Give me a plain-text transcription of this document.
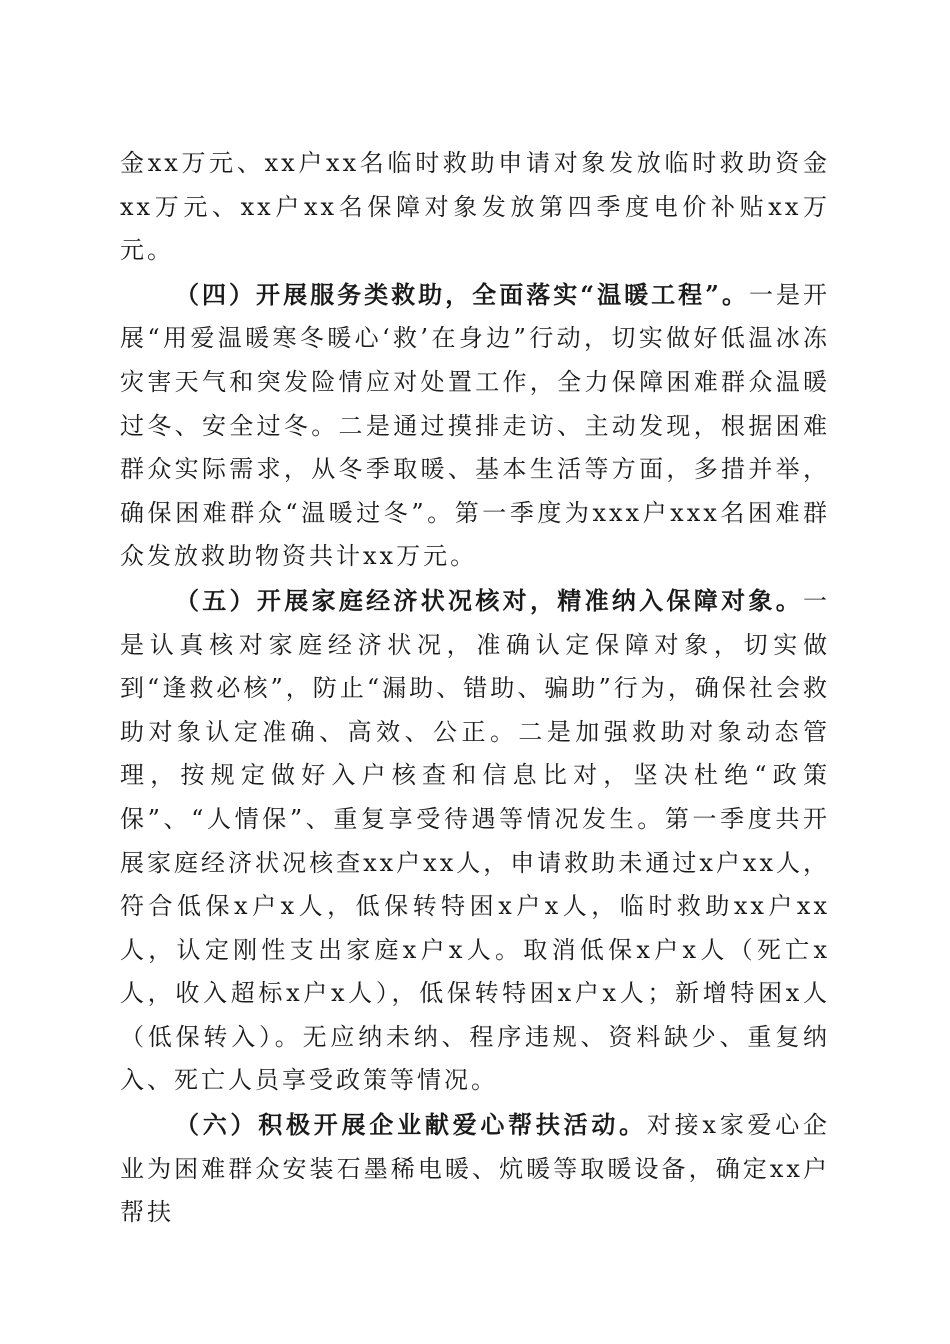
金xx万元、xx户xx名临时救助申请对象发放临时救助资金xx万元、xx户xx名保障对象发放第四季度电价补贴xx万元。

（四）开展服务类救助，全面落实“温暖工程”。一是开展“用爱温暖寒冬暖心‘救’在身边”行动，切实做好低温冰冻灾害天气和突发险情应对处置工作，全力保障困难群众温暖过冬、安全过冬。二是通过摸排走访、主动发现，根据困难群众实际需求，从冬季取暖、基本生活等方面，多措并举，确保困难群众“温暖过冬”。第一季度为xxx户xxx名困难群众发放救助物资共计xx万元。

（五）开展家庭经济状况核对，精准纳入保障对象。一是认真核对家庭经济状况，准确认定保障对象，切实做到“逢救必核”，防止“漏助、错助、骗助”行为，确保社会救助对象认定准确、高效、公正。二是加强救助对象动态管理，按规定做好入户核查和信息比对，坚决杜绝“政策保”、“人情保”、重复享受待遇等情况发生。第一季度共开展家庭经济状况核查xx户xx人，申请救助未通过x户xx人，符合低保x户x人，低保转特困x户x人，临时救助xx户xx人，认定刚性支出家庭x户x人。取消低保x户x人（死亡x人，收入超标x户x人），低保转特困x户x人；新增特困x人（低保转入）。无应纳未纳、程序违规、资料缺少、重复纳入、死亡人员享受政策等情况。

（六）积极开展企业献爱心帮扶活动。对接x家爱心企业为困难群众安装石墨稀电暖、炕暖等取暖设备，确定xx户帮扶
